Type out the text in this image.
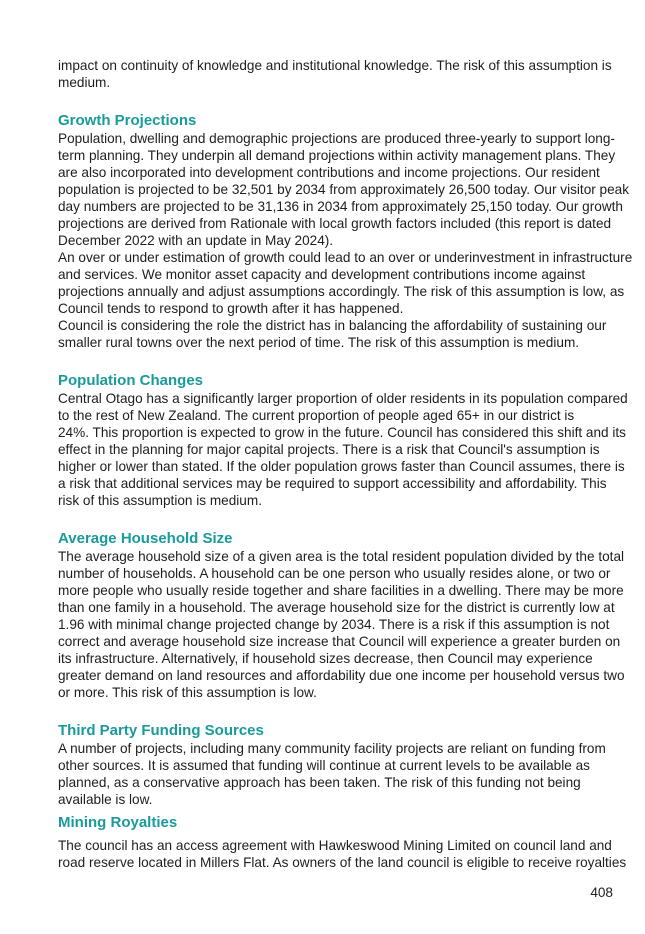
impact on continuity of knowledge and institutional knowledge. The risk of this assumption is
medium.
Growth Projections
Population, dwelling and demographic projections are produced three-yearly to support long-
term planning. They underpin all demand projections within activity management plans. They
are also incorporated into development contributions and income projections. Our resident
population is projected to be 32,501 by 2034 from approximately 26,500 today. Our visitor peak
day numbers are projected to be 31,136 in 2034 from approximately 25,150 today. Our growth
projections are derived from Rationale with local growth factors included (this report is dated
December 2022 with an update in May 2024).
An over or under estimation of growth could lead to an over or underinvestment in infrastructure
and services. We monitor asset capacity and development contributions income against
projections annually and adjust assumptions accordingly. The risk of this assumption is low, as
Council tends to respond to growth after it has happened.
Council is considering the role the district has in balancing the affordability of sustaining our
smaller rural towns over the next period of time. The risk of this assumption is medium.
Population Changes
Central Otago has a significantly larger proportion of older residents in its population compared
to the rest of New Zealand. The current proportion of people aged 65+ in our district is
24%. This proportion is expected to grow in the future. Council has considered this shift and its
effect in the planning for major capital projects. There is a risk that Council's assumption is
higher or lower than stated. If the older population grows faster than Council assumes, there is
a risk that additional services may be required to support accessibility and affordability. This
risk of this assumption is medium.
Average Household Size
The average household size of a given area is the total resident population divided by the total
number of households. A household can be one person who usually resides alone, or two or
more people who usually reside together and share facilities in a dwelling. There may be more
than one family in a household. The average household size for the district is currently low at
1.96 with minimal change projected change by 2034. There is a risk if this assumption is not
correct and average household size increase that Council will experience a greater burden on
its infrastructure. Alternatively, if household sizes decrease, then Council may experience
greater demand on land resources and affordability due one income per household versus two
or more. This risk of this assumption is low.
Third Party Funding Sources
A number of projects, including many community facility projects are reliant on funding from
other sources. It is assumed that funding will continue at current levels to be available as
planned, as a conservative approach has been taken. The risk of this funding not being
available is low.
Mining Royalties
The council has an access agreement with Hawkeswood Mining Limited on council land and
road reserve located in Millers Flat. As owners of the land council is eligible to receive royalties
408
